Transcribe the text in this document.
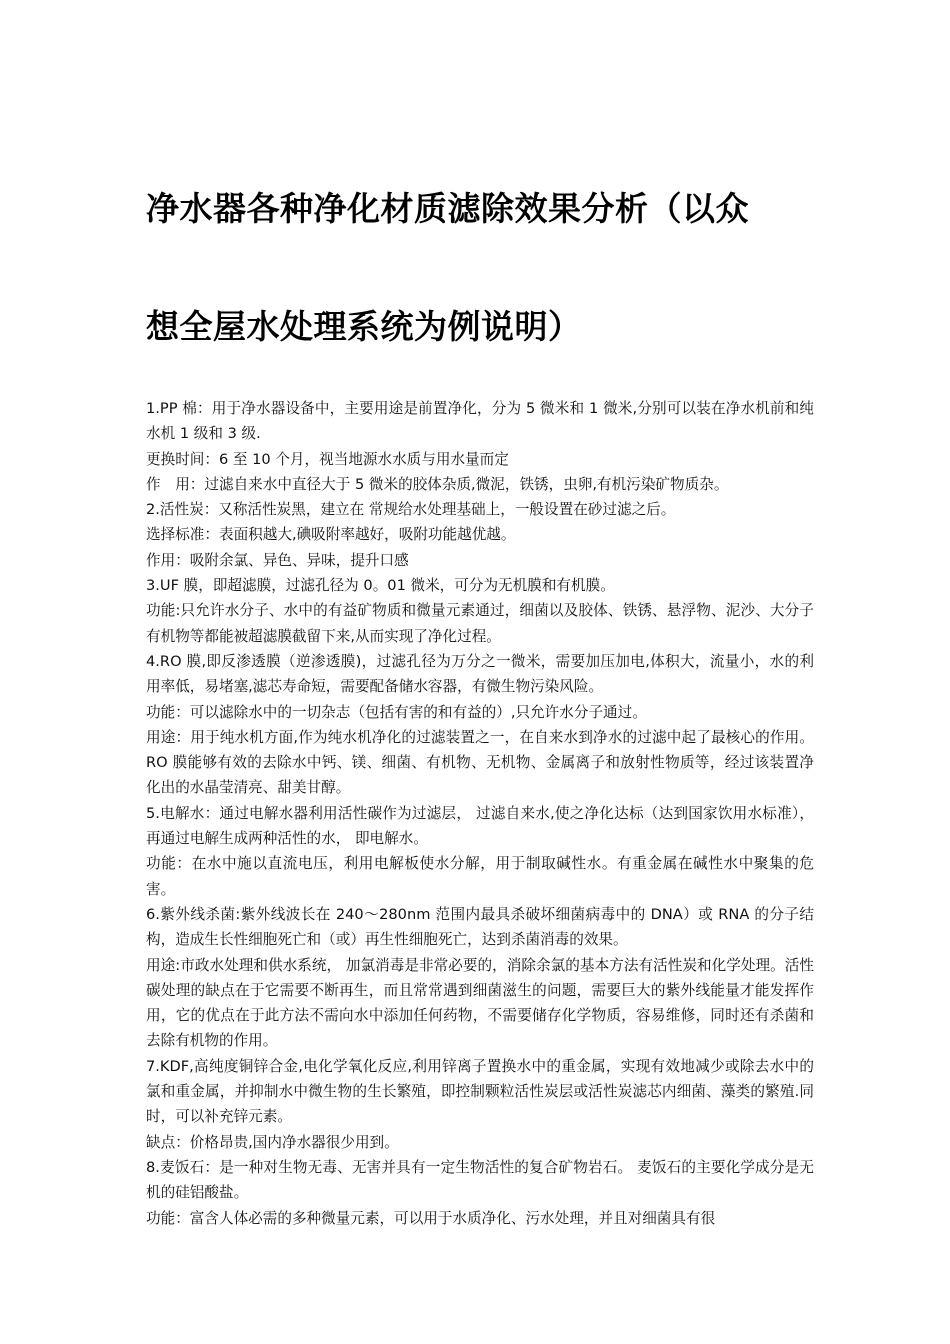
净水器各种净化材质滤除效果分析（以众
想全屋水处理系统为例说明）

1.PP 棉：用于净水器设备中，主要用途是前置净化，分为 5 微米和 1 微米,分别可以装在净水机前和纯水机 1 级和 3 级.

更换时间：6 至 10 个月，视当地源水水质与用水量而定

作　用：过滤自来水中直径大于 5 微米的胶体杂质,微泥，铁锈，虫卵,有机污染矿物质杂。

2.活性炭：又称活性炭黑，建立在 常规给水处理基础上，一般设置在砂过滤之后。

选择标准：表面积越大,碘吸附率越好，吸附功能越优越。

作用：吸附余氯、异色、异味，提升口感

3.UF 膜，即超滤膜，过滤孔径为 0。01 微米，可分为无机膜和有机膜。

功能:只允许水分子、水中的有益矿物质和微量元素通过，细菌以及胶体、铁锈、悬浮物、泥沙、大分子有机物等都能被超滤膜截留下来,从而实现了净化过程。

4.RO 膜,即反渗透膜（逆渗透膜)，过滤孔径为万分之一微米，需要加压加电,体积大，流量小，水的利用率低，易堵塞,滤芯寿命短，需要配备储水容器，有微生物污染风险。

功能：可以滤除水中的一切杂志（包括有害的和有益的）,只允许水分子通过。

用途：用于纯水机方面,作为纯水机净化的过滤装置之一，在自来水到净水的过滤中起了最核心的作用。RO 膜能够有效的去除水中钙、镁、细菌、有机物、无机物、金属离子和放射性物质等，经过该装置净化出的水晶莹清亮、甜美甘醇。

5.电解水：通过电解水器利用活性碳作为过滤层， 过滤自来水,使之净化达标（达到国家饮用水标准）， 再通过电解生成两种活性的水， 即电解水。

功能：在水中施以直流电压，利用电解板使水分解，用于制取碱性水。有重金属在碱性水中聚集的危害。

6.紫外线杀菌:紫外线波长在 240～280nm 范围内最具杀破坏细菌病毒中的 DNA）或 RNA 的分子结构，造成生长性细胞死亡和（或）再生性细胞死亡，达到杀菌消毒的效果。

用途:市政水处理和供水系统， 加氯消毒是非常必要的，消除余氯的基本方法有活性炭和化学处理。活性碳处理的缺点在于它需要不断再生，而且常常遇到细菌滋生的问题，需要巨大的紫外线能量才能发挥作用，它的优点在于此方法不需向水中添加任何药物，不需要储存化学物质，容易维修，同时还有杀菌和去除有机物的作用。

7.KDF,高纯度铜锌合金,电化学氧化反应,利用锌离子置换水中的重金属，实现有效地减少或除去水中的氯和重金属，并抑制水中微生物的生长繁殖，即控制颗粒活性炭层或活性炭滤芯内细菌、藻类的繁殖.同时，可以补充锌元素。

缺点：价格昂贵,国内净水器很少用到。

8.麦饭石：是一种对生物无毒、无害并具有一定生物活性的复合矿物岩石。 麦饭石的主要化学成分是无机的硅铝酸盐。

功能：富含人体必需的多种微量元素，可以用于水质净化、污水处理，并且对细菌具有很
